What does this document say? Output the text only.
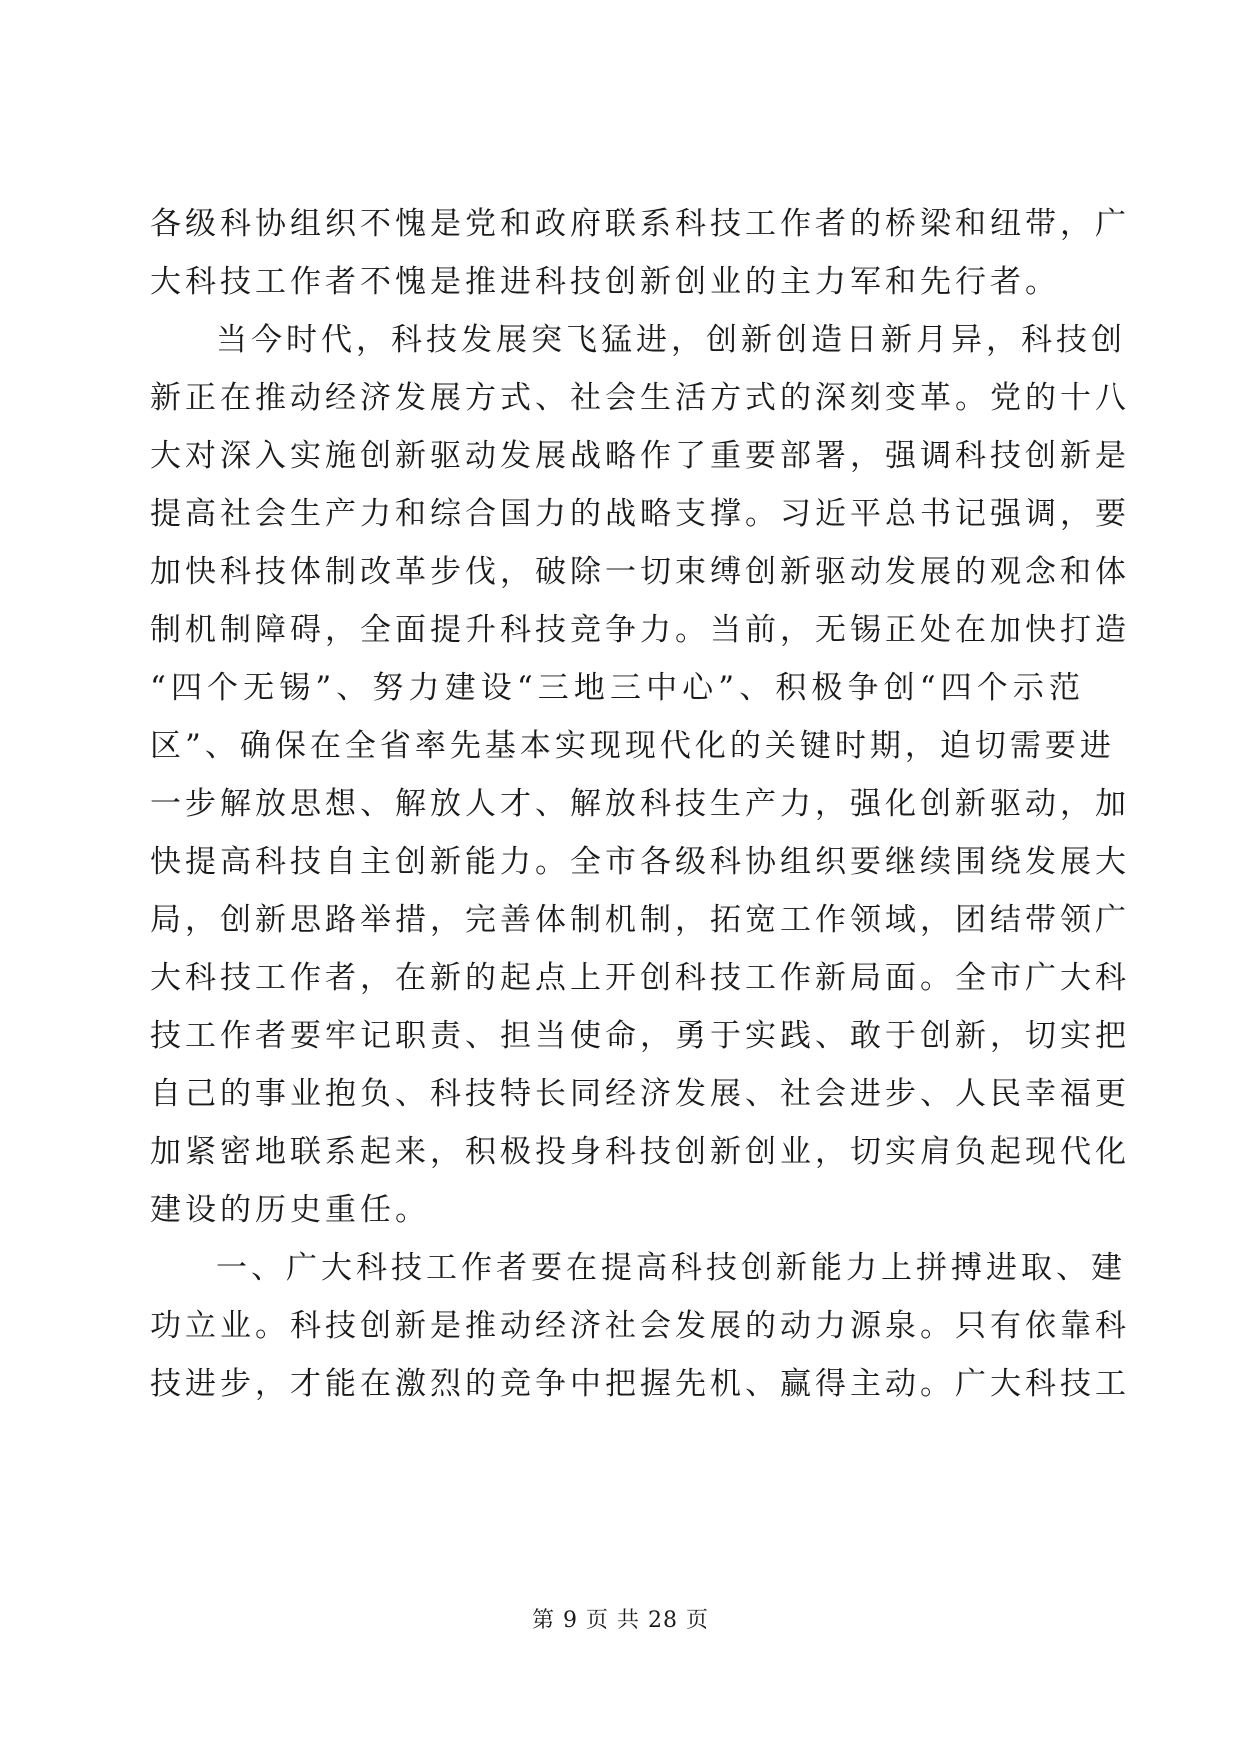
各级科协组织不愧是党和政府联系科技工作者的桥梁和纽带，广
大科技工作者不愧是推进科技创新创业的主力军和先行者。
当今时代，科技发展突飞猛进，创新创造日新月异，科技创
新正在推动经济发展方式、社会生活方式的深刻变革。党的十八
大对深入实施创新驱动发展战略作了重要部署，强调科技创新是
提高社会生产力和综合国力的战略支撑。习近平总书记强调，要
加快科技体制改革步伐，破除一切束缚创新驱动发展的观念和体
制机制障碍，全面提升科技竞争力。当前，无锡正处在加快打造
“四个无锡”、努力建设“三地三中心”、积极争创“四个示范
区”、确保在全省率先基本实现现代化的关键时期，迫切需要进
一步解放思想、解放人才、解放科技生产力，强化创新驱动，加
快提高科技自主创新能力。全市各级科协组织要继续围绕发展大
局，创新思路举措，完善体制机制，拓宽工作领域，团结带领广
大科技工作者，在新的起点上开创科技工作新局面。全市广大科
技工作者要牢记职责、担当使命，勇于实践、敢于创新，切实把
自己的事业抱负、科技特长同经济发展、社会进步、人民幸福更
加紧密地联系起来，积极投身科技创新创业，切实肩负起现代化
建设的历史重任。
一、广大科技工作者要在提高科技创新能力上拼搏进取、建
功立业。科技创新是推动经济社会发展的动力源泉。只有依靠科
技进步，才能在激烈的竞争中把握先机、赢得主动。广大科技工
第 9 页 共 28 页
